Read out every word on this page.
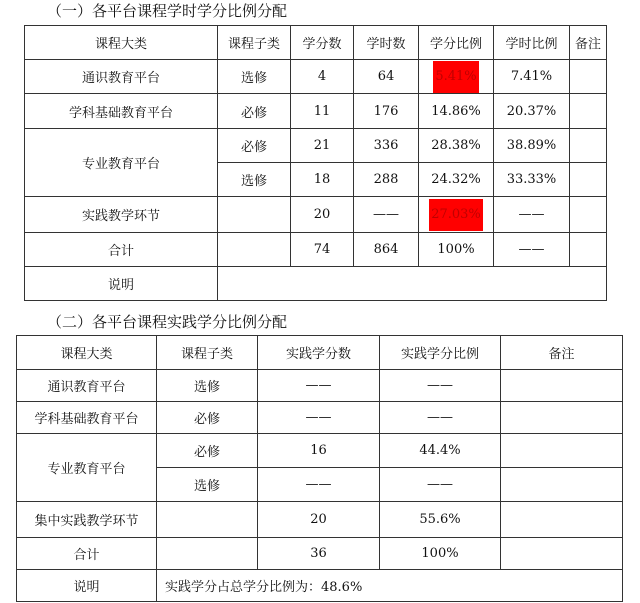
（一）各平台课程学时学分比例分配
课程大类	课程子类	学分数	学时数	学分比例	学时比例	备注
通识教育平台	选修	4	64	5.41%	7.41%	
学科基础教育平台	必修	11	176	14.86%	20.37%	
专业教育平台	必修	21	336	28.38%	38.89%	
	选修	18	288	24.32%	33.33%	
实践教学环节		20	——	27.03%	——	
合计		74	864	100%	——	
说明						
（二）各平台课程实践学分比例分配
课程大类	课程子类	实践学分数	实践学分比例	备注
通识教育平台	选修	——	——	
学科基础教育平台	必修	——	——	
专业教育平台	必修	16	44.4%	
	选修	——	——	
集中实践教学环节		20	55.6%	
合计		36	100%	
说明	实践学分占总学分比例为：48.6%			
